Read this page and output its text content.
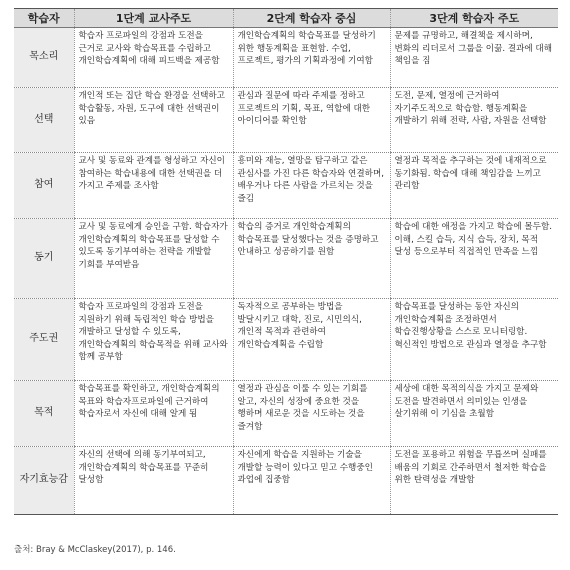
학습자	1단계 교사주도	2단계 학습자 중심	3단계 학습자 주도
목소리	학습자 프로파일의 강점과 도전을 근거로 교사와 학습목표를 수립하고 개인학습계획에 대해 피드백을 제공함	개인학습계획의 학습목표를 달성하기 위한 행동계획을 표현함. 수업, 프로젝트, 평가의 기획과정에 기여함	문제를 규명하고, 해결책을 제시하며, 변화의 리더로서 그룹을 이끎. 결과에 대해 책임을 짐
선택	개인적 또는 집단 학습 환경을 선택하고 학습활동, 자원, 도구에 대한 선택권이 있음	관심과 질문에 따라 주제를 정하고 프로젝트의 기획, 목표, 역할에 대한 아이디어를 확인함	도전, 문제, 열정에 근거하여 자기주도적으로 학습함. 행동계획을 개발하기 위해 전략, 사람, 자원을 선택함
참여	교사 및 동료와 관계를 형성하고 자신이 참여하는 학습내용에 대한 선택권을 더 가지고 주제를 조사함	흥미와 재능, 열망을 탐구하고 같은 관심사를 가진 다른 학습자와 연결하며, 배우거나 다른 사람을 가르치는 것을 즐김	열정과 목적을 추구하는 것에 내재적으로 동기화됨. 학습에 대해 책임감을 느끼고 관리함
동기	교사 및 동료에게 승인을 구함. 학습자가 개인학습계획의 학습목표를 달성할 수 있도록 동기부여하는 전략을 개발할 기회를 부여받음	학습의 증거로 개인학습계획의 학습목표를 달성했다는 것을 증명하고 안내하고 성공하기를 원함	학습에 대한 애정을 가지고 학습에 몰두함. 이해, 스킬 습득, 지식 습득, 장치, 목적 달성 등으로부터 직접적인 만족을 느낌
주도권	학습자 프로파일의 강점과 도전을 지원하기 위해 독립적인 학습 방법을 개발하고 달성할 수 있도록, 개인학습계획의 학습목적을 위해 교사와 함께 공부함	독자적으로 공부하는 방법을 발달시키고 대학, 진로, 시민의식, 개인적 목적과 관련하여 개인학습계획을 수립함	학습목표를 달성하는 동안 자신의 개인학습계획을 조정하면서 학습진행상황을 스스로 모니터링함. 혁신적인 방법으로 관심과 열정을 추구함
목적	학습목표를 확인하고, 개인학습계획의 목표와 학습자프로파일에 근거하여 학습자로서 자신에 대해 알게 됨	열정과 관심을 이룰 수 있는 기회를 알고, 자신의 성장에 중요한 것을 행하며 새로운 것을 시도하는 것을 즐겨함	세상에 대한 목적의식을 가지고 문제와 도전을 발견하면서 의미있는 인생을 살기위해 이 기심을 초월함
자기효능감	자신의 선택에 의해 동기부여되고, 개인학습계획의 학습목표를 꾸준히 달성함	자신에게 학습을 지원하는 기술을 개발할 능력이 있다고 믿고 수행중인 과업에 집중함	도전을 포용하고 위험을 무릅쓰며 실패를 배움의 기회로 간주하면서 철저한 학습을 위한 탄력성을 개발함
출처: Bray & McClaskey(2017), p. 146.
